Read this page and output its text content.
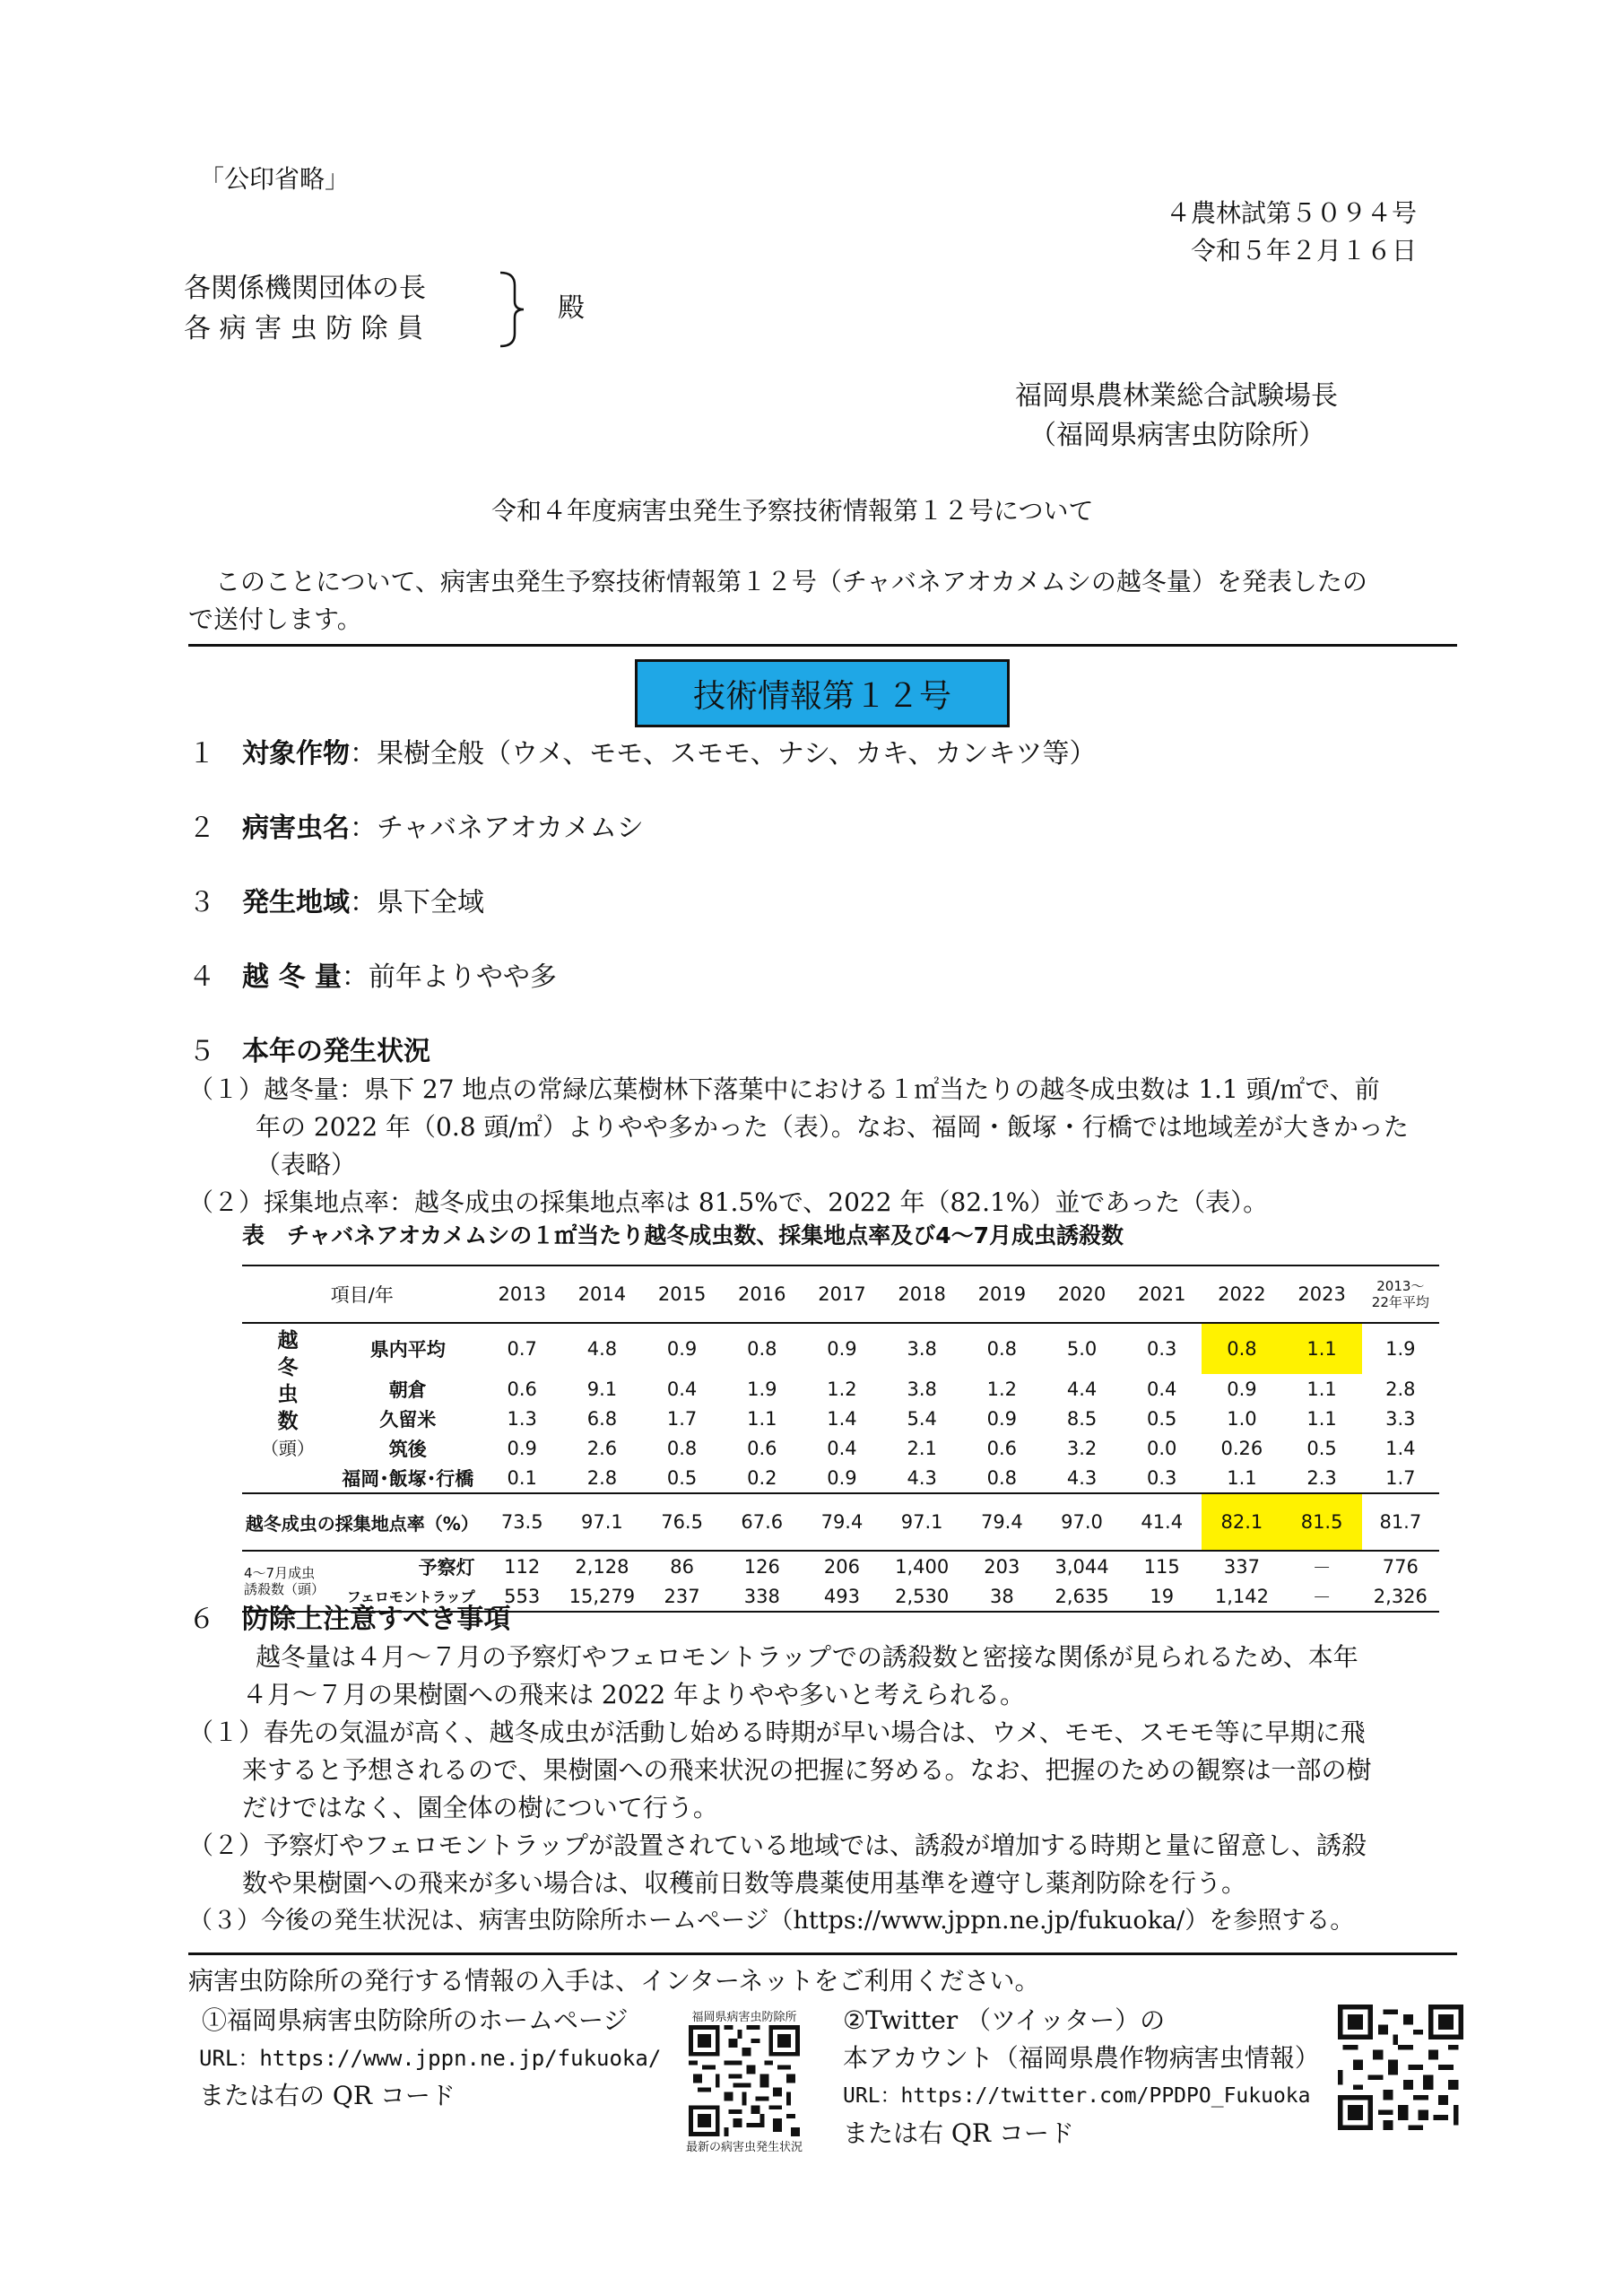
「公印省略」
４農林試第５０９４号
令和５年２月１６日
各関係機関団体の長
各 病 害 虫 防 除 員
殿
福岡県農林業総合試験場長
（福岡県病害虫防除所）
令和４年度病害虫発生予察技術情報第１２号について
このことについて、病害虫発生予察技術情報第１２号（チャバネアオカメムシの越冬量）を発表したの
で送付します。
技術情報第１２号
１ 対象作物：果樹全般（ウメ、モモ、スモモ、ナシ、カキ、カンキツ等）
２ 病害虫名：チャバネアオカメムシ
３ 発生地域：県下全域
４ 越 冬 量：前年よりやや多
５ 本年の発生状況
（１）越冬量：県下 27 地点の常緑広葉樹林下落葉中における１㎡当たりの越冬成虫数は 1.1 頭/㎡で、前
年の 2022 年（0.8 頭/㎡）よりやや多かった（表）。なお、福岡・飯塚・行橋では地域差が大きかった
（表略）
（２）採集地点率：越冬成虫の採集地点率は 81.5%で、2022 年（82.1%）並であった（表）。
表　チャバネアオカメムシの１㎡当たり越冬成虫数、採集地点率及び4～7月成虫誘殺数
項目/年		2013	2014	2015	2016	2017	2018	2019	2020	2021	2022	2023	2013～
22年平均
越
冬
虫
数
（頭）	県内平均	0.7	4.8	0.9	0.8	0.9	3.8	0.8	5.0	0.3	0.8	1.1	1.9
	朝倉	0.6	9.1	0.4	1.9	1.2	3.8	1.2	4.4	0.4	0.9	1.1	2.8
	久留米	1.3	6.8	1.7	1.1	1.4	5.4	0.9	8.5	0.5	1.0	1.1	3.3
	筑後	0.9	2.6	0.8	0.6	0.4	2.1	0.6	3.2	0.0	0.26	0.5	1.4
	福岡･飯塚･行橋	0.1	2.8	0.5	0.2	0.9	4.3	0.8	4.3	0.3	1.1	2.3	1.7
越冬成虫の採集地点率（%）		73.5	97.1	76.5	67.6	79.4	97.1	79.4	97.0	41.4	82.1	81.5	81.7
4～7月成虫
誘殺数（頭）	予察灯	112	2,128	86	126	206	1,400	203	3,044	115	337	－	776
	フェロモントラップ	553	15,279	237	338	493	2,530	38	2,635	19	1,142	－	2,326
６ 防除上注意すべき事項
越冬量は４月～７月の予察灯やフェロモントラップでの誘殺数と密接な関係が見られるため、本年
４月～７月の果樹園への飛来は 2022 年よりやや多いと考えられる。
（１）春先の気温が高く、越冬成虫が活動し始める時期が早い場合は、ウメ、モモ、スモモ等に早期に飛
来すると予想されるので、果樹園への飛来状況の把握に努める。なお、把握のための観察は一部の樹
だけではなく、園全体の樹について行う。
（２）予察灯やフェロモントラップが設置されている地域では、誘殺が増加する時期と量に留意し、誘殺
数や果樹園への飛来が多い場合は、収穫前日数等農薬使用基準を遵守し薬剤防除を行う。
（３）今後の発生状況は、病害虫防除所ホームページ（https://www.jppn.ne.jp/fukuoka/）を参照する。
病害虫防除所の発行する情報の入手は、インターネットをご利用ください。
①福岡県病害虫防除所のホームページ
URL：https://www.jppn.ne.jp/fukuoka/
または右の QR コード
福岡県病害虫防除所
最新の病害虫発生状況
②Twitter （ツイッター）の
本アカウント（福岡県農作物病害虫情報）
URL：https://twitter.com/PPDPO_Fukuoka
または右 QR コード
